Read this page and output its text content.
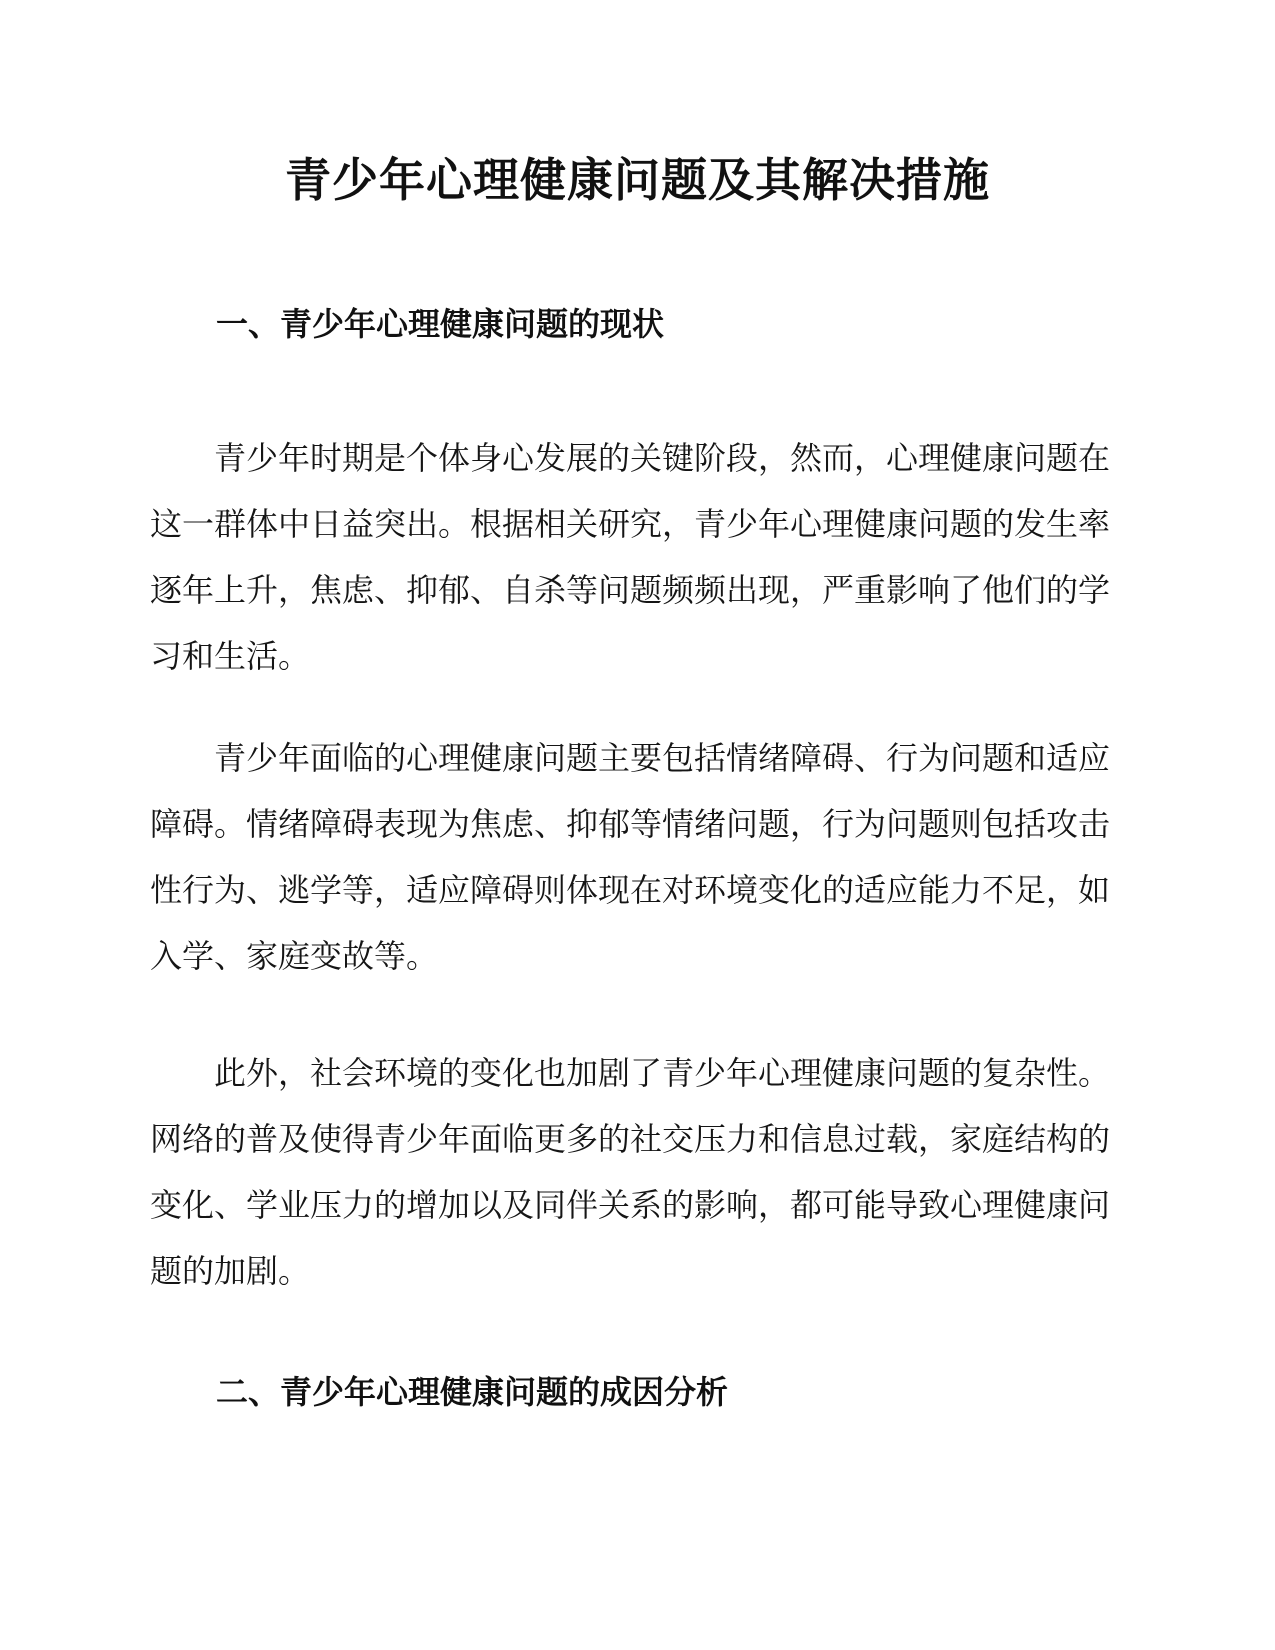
青少年心理健康问题及其解决措施
一、青少年心理健康问题的现状

青少年时期是个体身心发展的关键阶段，然而，心理健康问题在这一群体中日益突出。根据相关研究，青少年心理健康问题的发生率逐年上升，焦虑、抑郁、自杀等问题频频出现，严重影响了他们的学习和生活。

青少年面临的心理健康问题主要包括情绪障碍、行为问题和适应障碍。情绪障碍表现为焦虑、抑郁等情绪问题，行为问题则包括攻击性行为、逃学等，适应障碍则体现在对环境变化的适应能力不足，如入学、家庭变故等。

此外，社会环境的变化也加剧了青少年心理健康问题的复杂性。网络的普及使得青少年面临更多的社交压力和信息过载，家庭结构的变化、学业压力的增加以及同伴关系的影响，都可能导致心理健康问题的加剧。

二、青少年心理健康问题的成因分析
